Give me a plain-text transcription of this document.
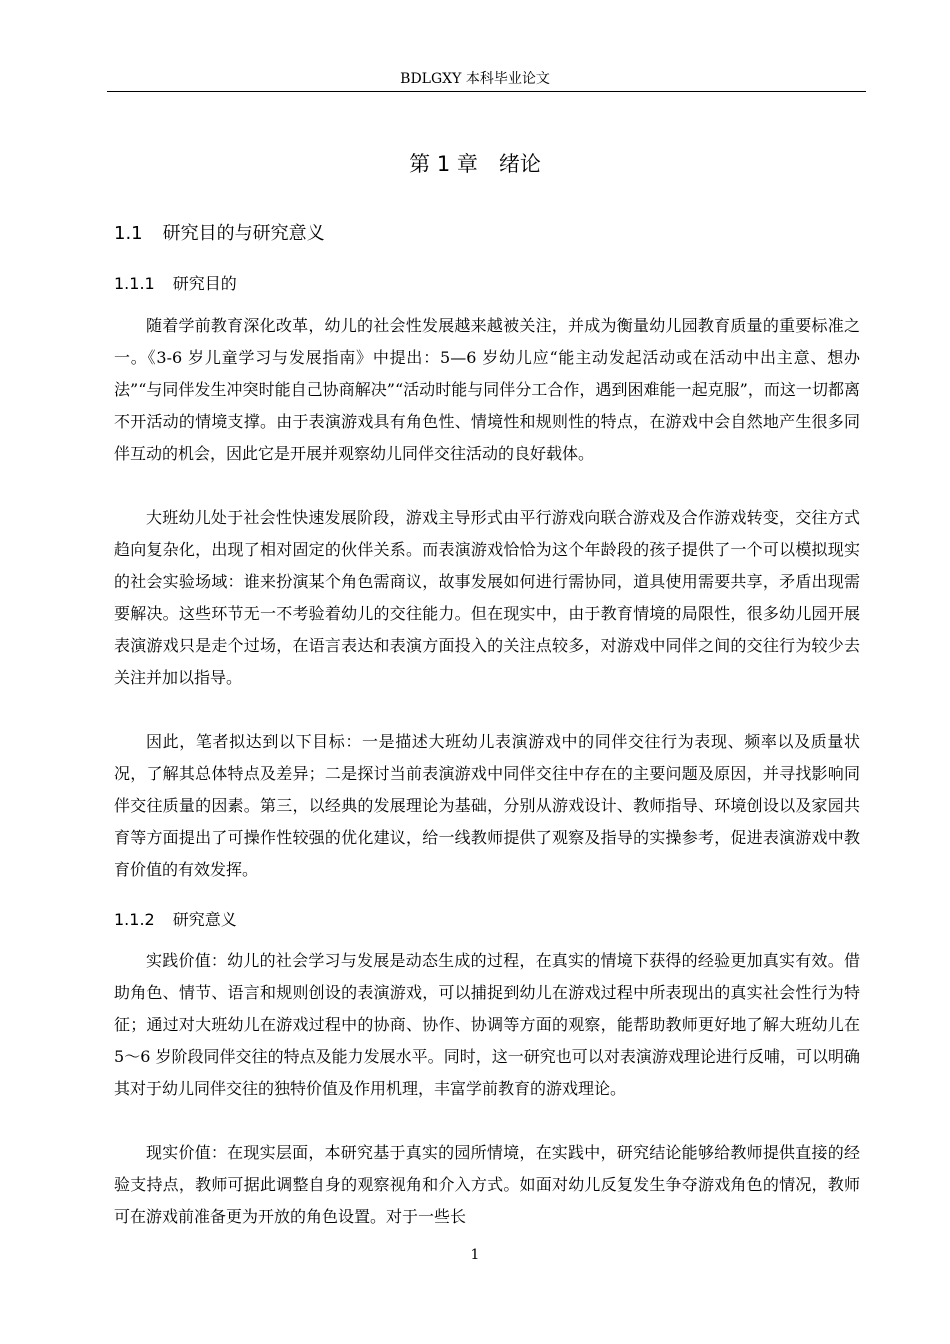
BDLGXY 本科毕业论文
第 1 章　绪论
1.1 研究目的与研究意义
1.1.1 研究目的

随着学前教育深化改革，幼儿的社会性发展越来越被关注，并成为衡量幼儿园教育质量的重要标准之一。《3-6 岁儿童学习与发展指南》中提出：5—6 岁幼儿应“能主动发起活动或在活动中出主意、想办法”“与同伴发生冲突时能自己协商解决”“活动时能与同伴分工合作，遇到困难能一起克服”，而这一切都离不开活动的情境支撑。由于表演游戏具有角色性、情境性和规则性的特点，在游戏中会自然地产生很多同伴互动的机会，因此它是开展并观察幼儿同伴交往活动的良好载体。

大班幼儿处于社会性快速发展阶段，游戏主导形式由平行游戏向联合游戏及合作游戏转变，交往方式趋向复杂化，出现了相对固定的伙伴关系。而表演游戏恰恰为这个年龄段的孩子提供了一个可以模拟现实的社会实验场域：谁来扮演某个角色需商议，故事发展如何进行需协同，道具使用需要共享，矛盾出现需要解决。这些环节无一不考验着幼儿的交往能力。但在现实中，由于教育情境的局限性，很多幼儿园开展表演游戏只是走个过场，在语言表达和表演方面投入的关注点较多，对游戏中同伴之间的交往行为较少去关注并加以指导。

因此，笔者拟达到以下目标：一是描述大班幼儿表演游戏中的同伴交往行为表现、频率以及质量状况，了解其总体特点及差异；二是探讨当前表演游戏中同伴交往中存在的主要问题及原因，并寻找影响同伴交往质量的因素。第三，以经典的发展理论为基础，分别从游戏设计、教师指导、环境创设以及家园共育等方面提出了可操作性较强的优化建议，给一线教师提供了观察及指导的实操参考，促进表演游戏中教育价值的有效发挥。

1.1.2 研究意义

实践价值：幼儿的社会学习与发展是动态生成的过程，在真实的情境下获得的经验更加真实有效。借助角色、情节、语言和规则创设的表演游戏，可以捕捉到幼儿在游戏过程中所表现出的真实社会性行为特征；通过对大班幼儿在游戏过程中的协商、协作、协调等方面的观察，能帮助教师更好地了解大班幼儿在 5～6 岁阶段同伴交往的特点及能力发展水平。同时，这一研究也可以对表演游戏理论进行反哺，可以明确其对于幼儿同伴交往的独特价值及作用机理，丰富学前教育的游戏理论。

现实价值：在现实层面，本研究基于真实的园所情境，在实践中，研究结论能够给教师提供直接的经验支持点，教师可据此调整自身的观察视角和介入方式。如面对幼儿反复发生争夺游戏角色的情况，教师可在游戏前准备更为开放的角色设置。对于一些长

1
